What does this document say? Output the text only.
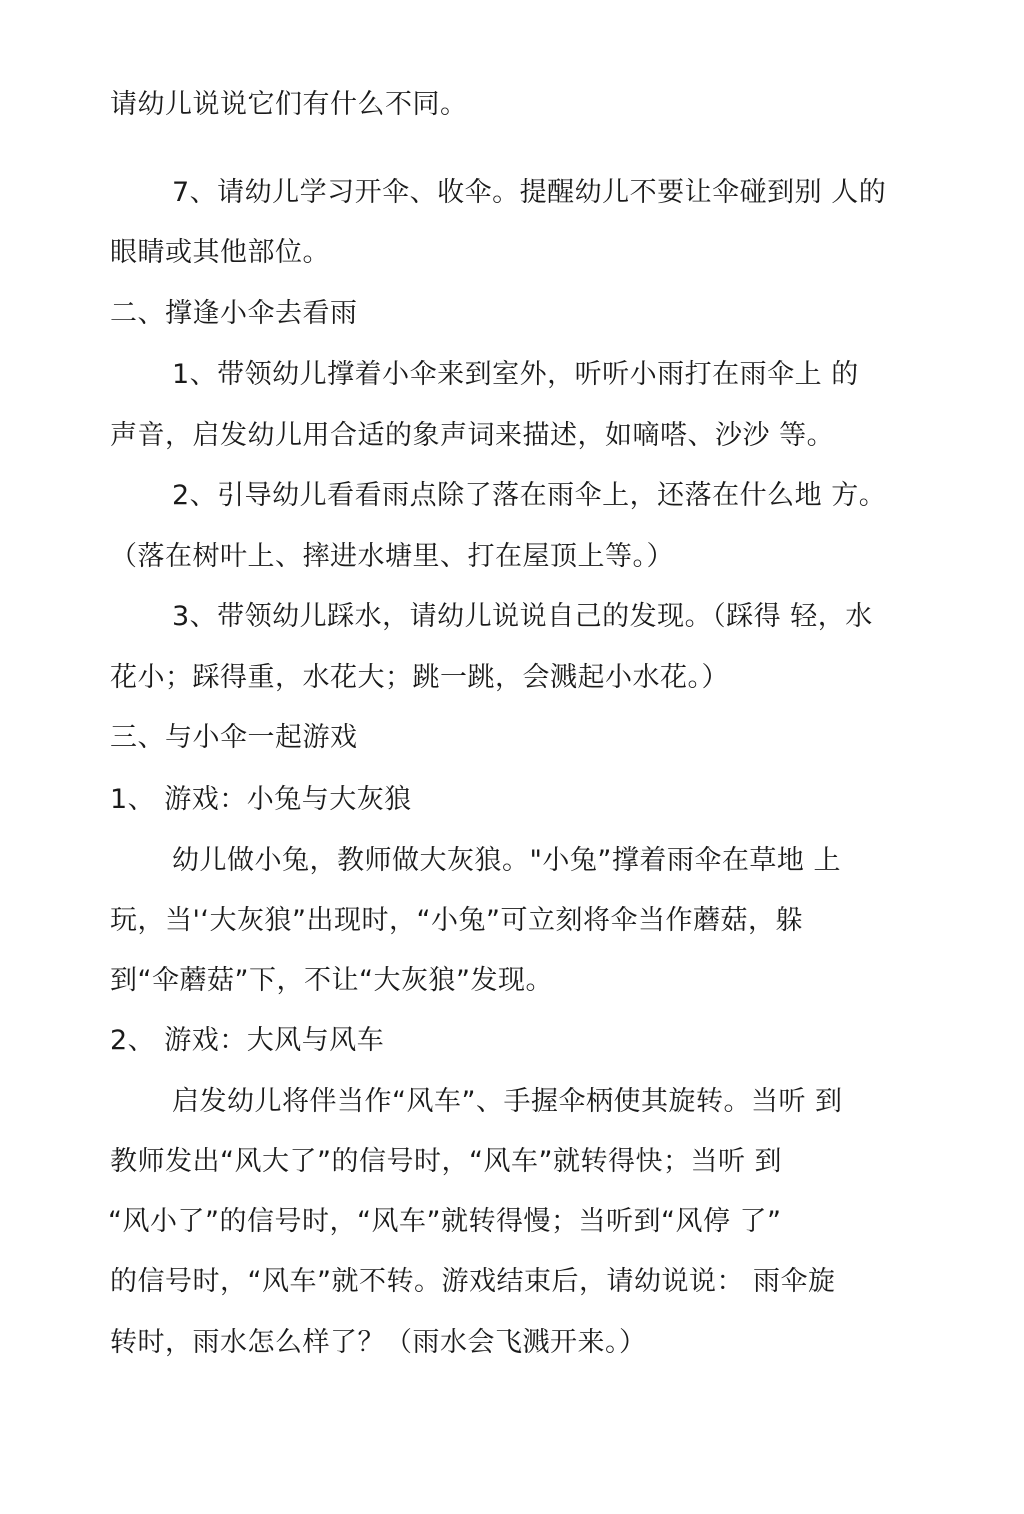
请幼儿说说它们有什么不同。
7、请幼儿学习开伞、收伞。提醒幼儿不要让伞碰到别 人的
眼睛或其他部位。
二、撑逢小伞去看雨
1、带领幼儿撑着小伞来到室外，听听小雨打在雨伞上 的
声音，启发幼儿用合适的象声词来描述，如嘀嗒、沙沙 等。
2、引导幼儿看看雨点除了落在雨伞上，还落在什么地 方。
（落在树叶上、摔进水塘里、打在屋顶上等。）
3、带领幼儿踩水，请幼儿说说自己的发现。（踩得 轻，水
花小；踩得重，水花大；跳一跳，会溅起小水花。）
三、与小伞一起游戏
1、 游戏：小兔与大灰狼
幼儿做小兔，教师做大灰狼。"小兔”撑着雨伞在草地 上
玩，当'‘大灰狼”出现时，“小兔”可立刻将伞当作蘑菇，躲
到“伞蘑菇”下，不让“大灰狼”发现。
2、 游戏：大风与风车
启发幼儿将伴当作“风车”、手握伞柄使其旋转。当听 到
教师发出“风大了”的信号时，“风车”就转得快；当听 到
“风小了”的信号时，“风车”就转得慢；当听到“风停 了”
的信号时，“风车”就不转。游戏结束后，请幼说说： 雨伞旋
转时，雨水怎么样了？（雨水会飞溅开来。）
